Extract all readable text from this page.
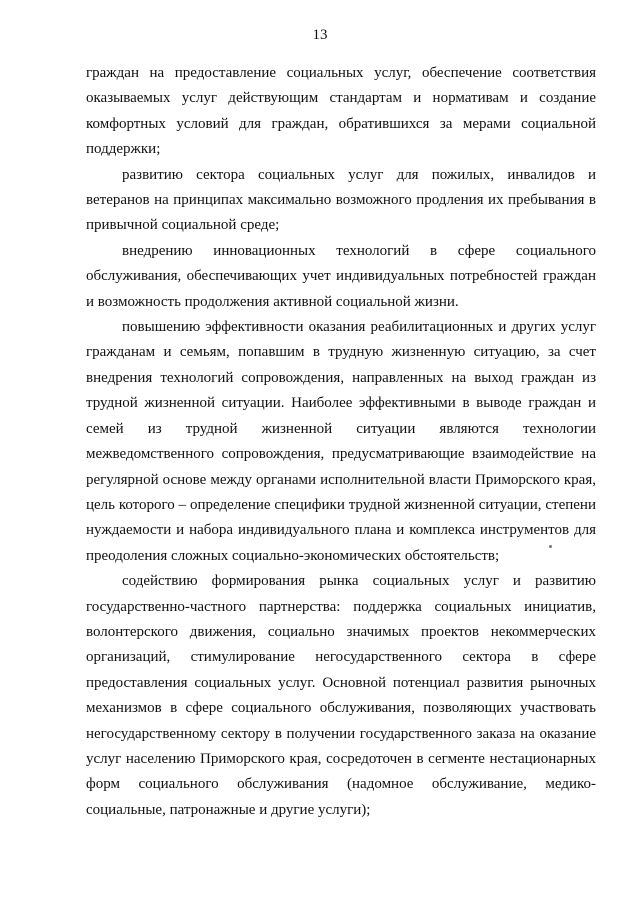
13

граждан на предоставление социальных услуг, обеспечение соответствия оказываемых услуг действующим стандартам и нормативам и создание комфортных условий для граждан, обратившихся за мерами социальной поддержки;

развитию сектора социальных услуг для пожилых, инвалидов и ветеранов на принципах максимально возможного продления их пребывания в привычной социальной среде;

внедрению инновационных технологий в сфере социального обслуживания, обеспечивающих учет индивидуальных потребностей граждан и возможность продолжения активной социальной жизни.

повышению эффективности оказания реабилитационных и других услуг гражданам и семьям, попавшим в трудную жизненную ситуацию, за счет внедрения технологий сопровождения, направленных на выход граждан из трудной жизненной ситуации. Наиболее эффективными в выводе граждан и семей из трудной жизненной ситуации являются технологии межведомственного сопровождения, предусматривающие взаимодействие на регулярной основе между органами исполнительной власти Приморского края, цель которого – определение специфики трудной жизненной ситуации, степени нуждаемости и набора индивидуального плана и комплекса инструментов для преодоления сложных социально-экономических обстоятельств;

содействию формирования рынка социальных услуг и развитию государственно-частного партнерства: поддержка социальных инициатив, волонтерского движения, социально значимых проектов некоммерческих организаций, стимулирование негосударственного сектора в сфере предоставления социальных услуг. Основной потенциал развития рыночных механизмов в сфере социального обслуживания, позволяющих участвовать негосударственному сектору в получении государственного заказа на оказание услуг населению Приморского края, сосредоточен в сегменте нестационарных форм социального обслуживания (надомное обслуживание, медико-социальные, патронажные и другие услуги);
